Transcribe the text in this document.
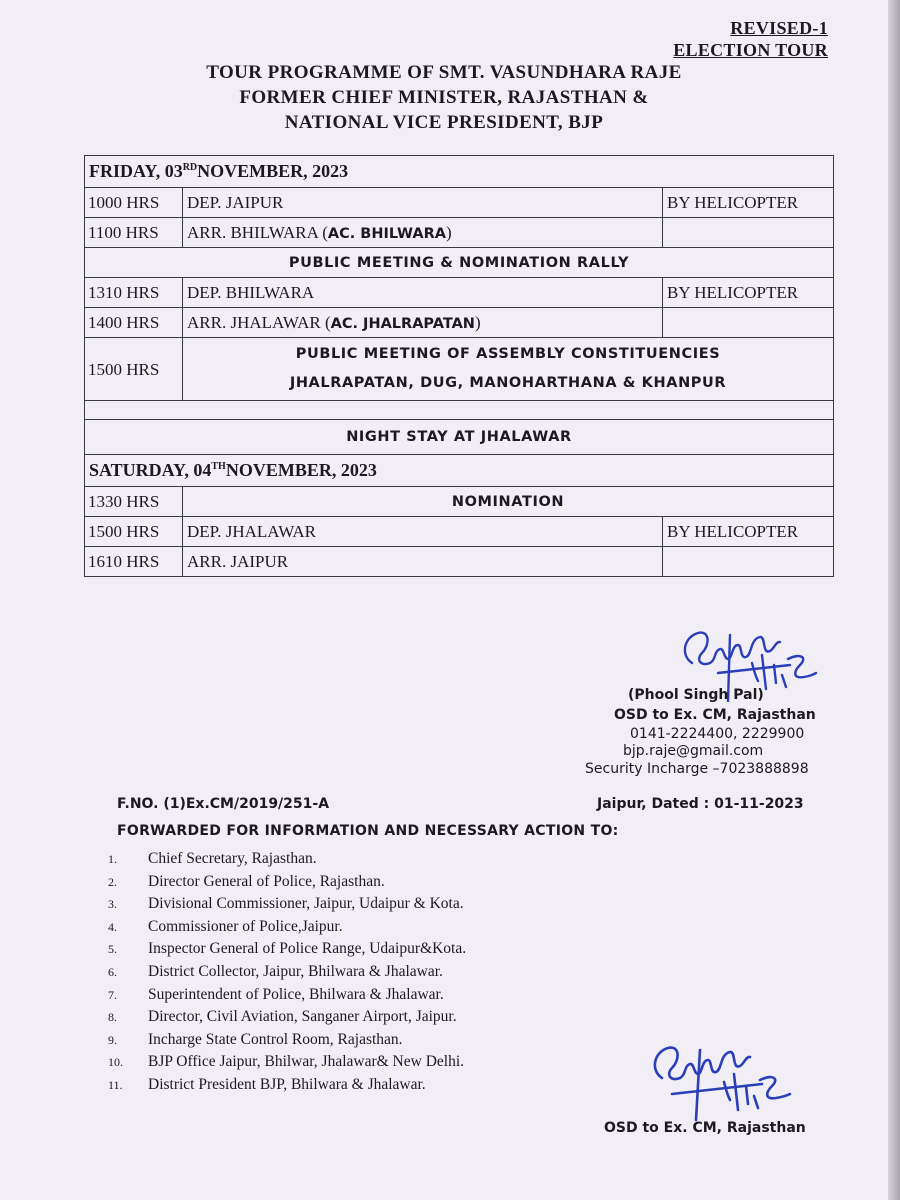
REVISED-1
ELECTION TOUR
TOUR PROGRAMME OF SMT. VASUNDHARA RAJE
FORMER CHIEF MINISTER, RAJASTHAN &
NATIONAL VICE PRESIDENT, BJP
FRIDAY, 03RDNOVEMBER, 2023		
1000 HRS	DEP. JAIPUR	BY HELICOPTER
1100 HRS	ARR. BHILWARA (AC. BHILWARA)	
PUBLIC MEETING & NOMINATION RALLY		
1310 HRS	DEP. BHILWARA	BY HELICOPTER
1400 HRS	ARR. JHALAWAR (AC. JHALRAPATAN)	
1500 HRS	PUBLIC MEETING OF ASSEMBLY CONSTITUENCIES
JHALRAPATAN, DUG, MANOHARTHANA & KHANPUR	

NIGHT STAY AT JHALAWAR		
SATURDAY, 04THNOVEMBER, 2023		
1330 HRS	NOMINATION	
1500 HRS	DEP. JHALAWAR	BY HELICOPTER
1610 HRS	ARR. JAIPUR	
(Phool Singh Pal)
OSD to Ex. CM, Rajasthan
0141-2224400, 2229900
bjp.raje@gmail.com
Security Incharge –7023888898
F.NO. (1)Ex.CM/2019/251-A	Jaipur, Dated : 01-11-2023
FORWARDED FOR INFORMATION AND NECESSARY ACTION TO:
1. Chief Secretary, Rajasthan.
2. Director General of Police, Rajasthan.
3. Divisional Commissioner, Jaipur, Udaipur & Kota.
4. Commissioner of Police,Jaipur.
5. Inspector General of Police Range, Udaipur&Kota.
6. District Collector, Jaipur, Bhilwara & Jhalawar.
7. Superintendent of Police, Bhilwara & Jhalawar.
8. Director, Civil Aviation, Sanganer Airport, Jaipur.
9. Incharge State Control Room, Rajasthan.
10. BJP Office Jaipur, Bhilwar, Jhalawar& New Delhi.
11. District President BJP, Bhilwara & Jhalawar.
OSD to Ex. CM, Rajasthan
